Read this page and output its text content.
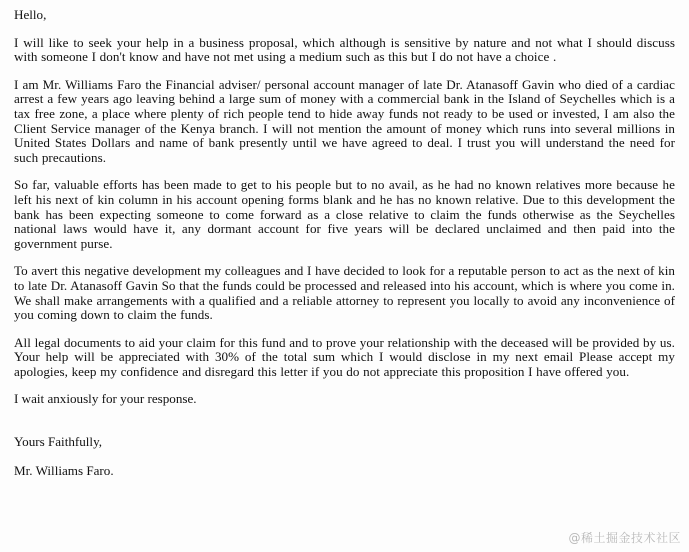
Hello,

I will like to seek your help in a business proposal, which although is sensitive by nature and not what I should discuss with someone I don't know and have not met using a medium such as this but I do not have a choice .

I am Mr. Williams Faro the Financial adviser/ personal account manager of late Dr. Atanasoff Gavin who died of a cardiac arrest a few years ago leaving behind a large sum of money with a commercial bank in the Island of Seychelles which is a tax free zone, a place where plenty of rich people tend to hide away funds not ready to be used or invested, I am also the Client Service manager of the Kenya branch. I will not mention the amount of money which runs into several millions in United States Dollars and name of bank presently until we have agreed to deal. I trust you will understand the need for such precautions.

So far, valuable efforts has been made to get to his people but to no avail, as he had no known relatives more because he left his next of kin column in his account opening forms blank and he has no known relative. Due to this development the bank has been expecting someone to come forward as a close relative to claim the funds otherwise as the Seychelles national laws would have it, any dormant account for five years will be declared unclaimed and then paid into the government purse.

To avert this negative development my colleagues and I have decided to look for a reputable person to act as the next of kin to late Dr. Atanasoff Gavin So that the funds could be processed and released into his account, which is where you come in. We shall make arrangements with a qualified and a reliable attorney to represent you locally to avoid any inconvenience of you coming down to claim the funds.

All legal documents to aid your claim for this fund and to prove your relationship with the deceased will be provided by us. Your help will be appreciated with 30% of the total sum which I would disclose in my next email Please accept my apologies, keep my confidence and disregard this letter if you do not appreciate this proposition I have offered you.

I wait anxiously for your response.

Yours Faithfully,

Mr. Williams Faro.

@稀土掘金技术社区
